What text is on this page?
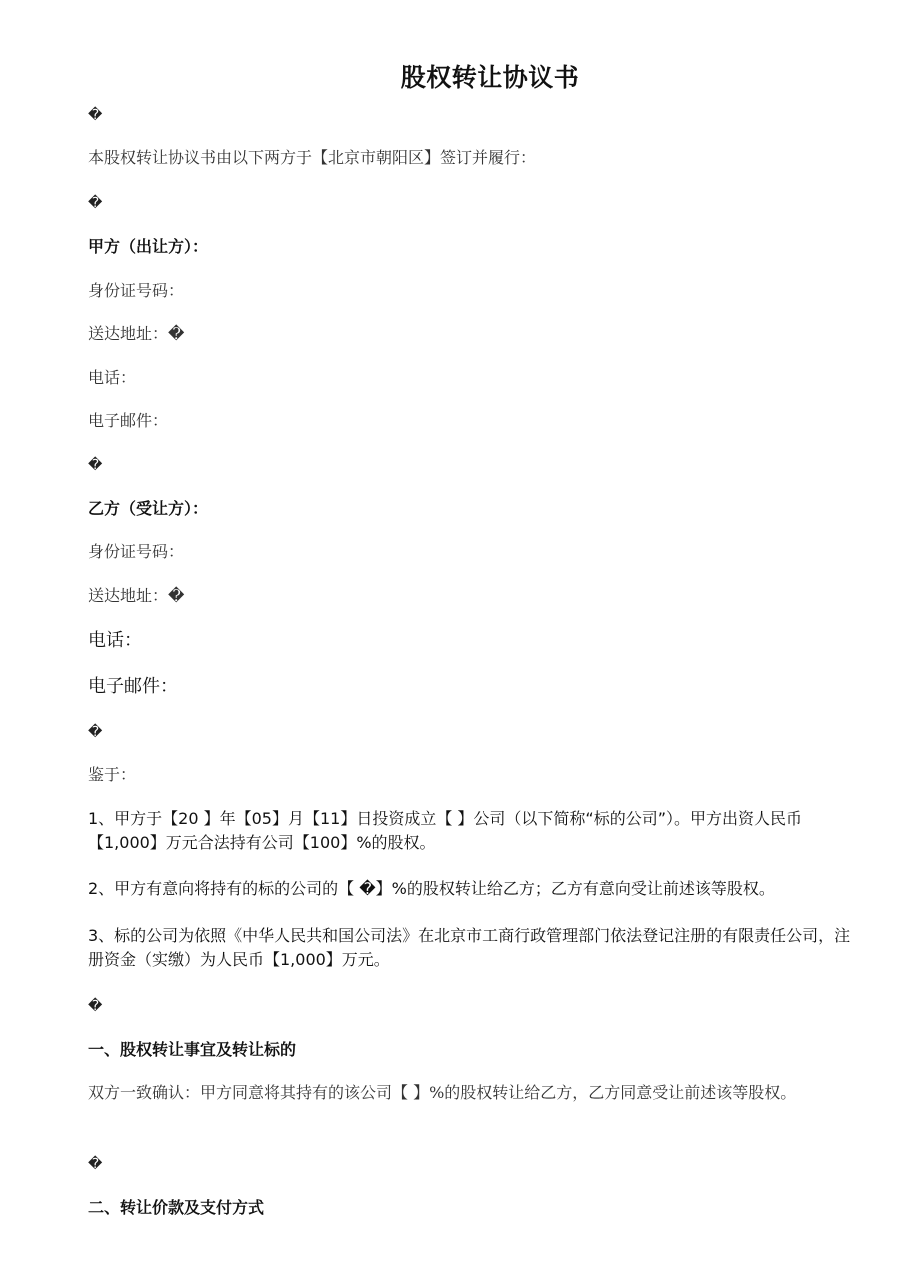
股权转让协议书
�
本股权转让协议书由以下两方于【北京市朝阳区】签订并履行：
�
甲方（出让方）：
身份证号码：
送达地址：�
电话：
电子邮件：
�
乙方（受让方）：
身份证号码：
送达地址：�
电话：
电子邮件：
�
鉴于：
1、甲方于【20 】年【05】月【11】日投资成立【 】公司（以下简称“标的公司”）。甲方出资人民币【1,000】万元合法持有公司【100】%的股权。
2、甲方有意向将持有的标的公司的【 �】%的股权转让给乙方；乙方有意向受让前述该等股权。
3、标的公司为依照《中华人民共和国公司法》在北京市工商行政管理部门依法登记注册的有限责任公司，注册资金（实缴）为人民币【1,000】万元。
�
一、股权转让事宜及转让标的
双方一致确认：甲方同意将其持有的该公司【 】%的股权转让给乙方，乙方同意受让前述该等股权。
�
二、转让价款及支付方式
